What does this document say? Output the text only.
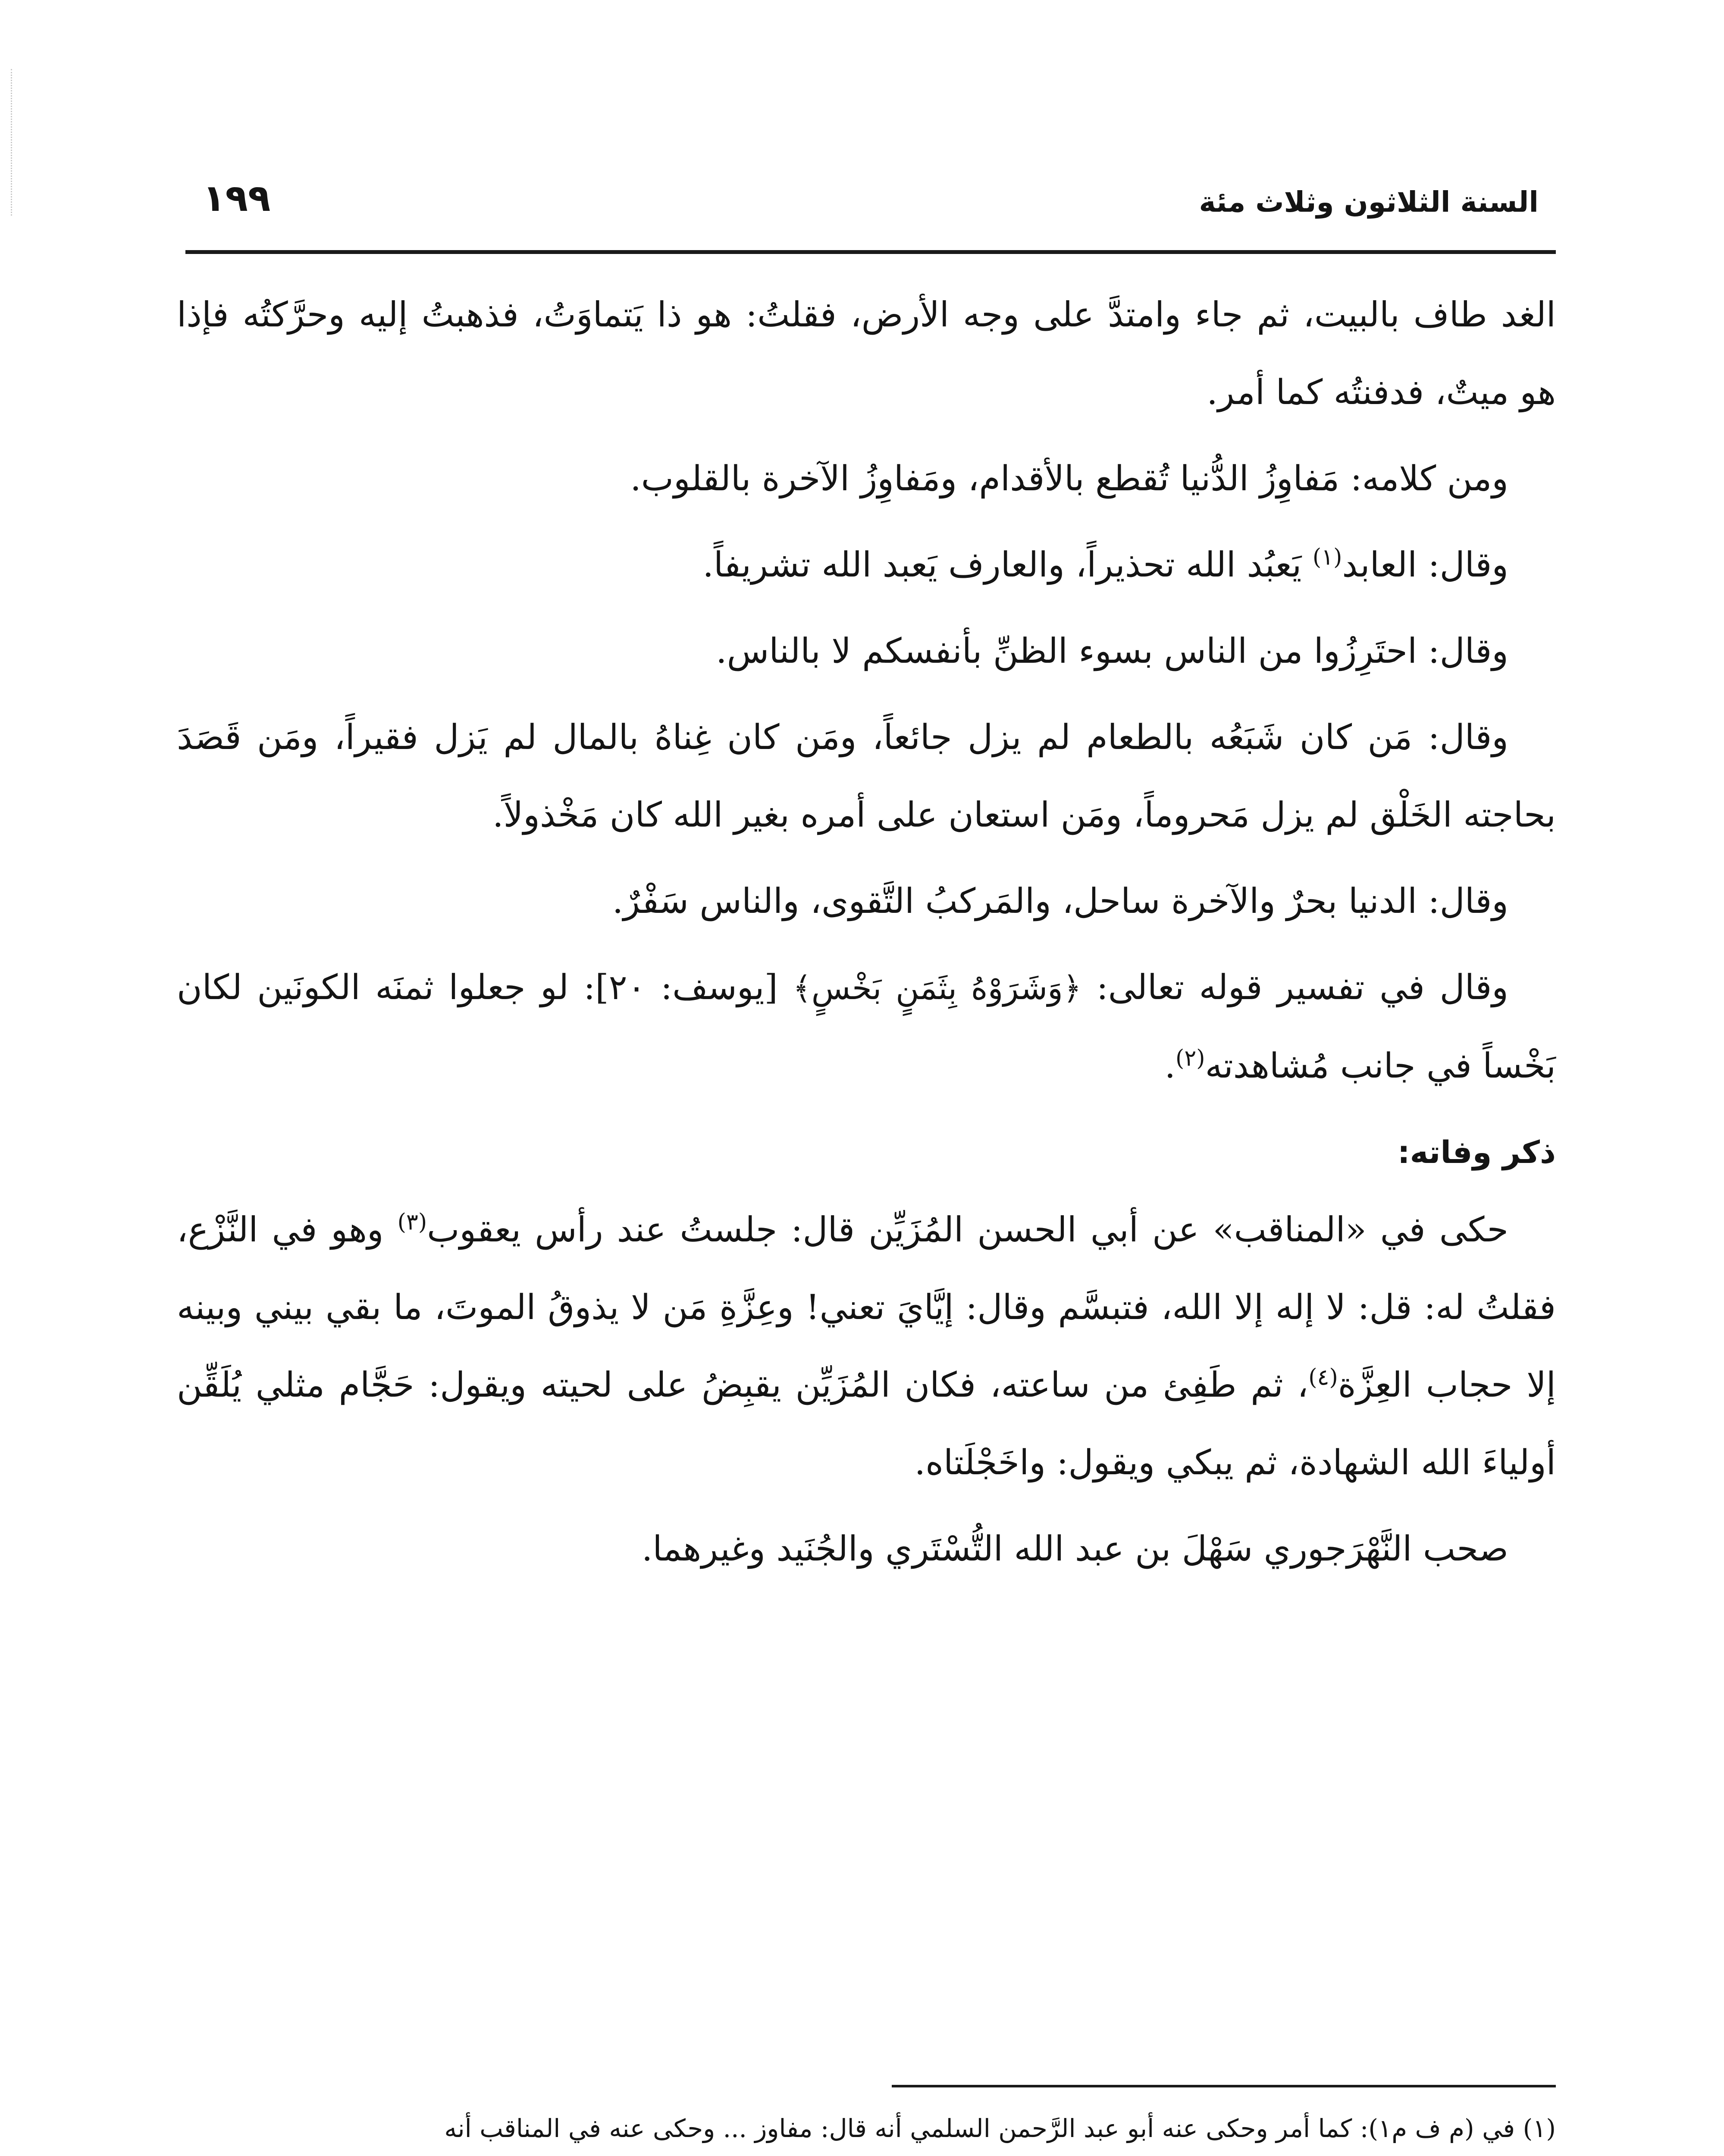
السنة الثلاثون وثلاث مئة
١٩٩

الغد طاف بالبيت، ثم جاء وامتدَّ على وجه الأرض، فقلتُ: هو ذا يَتماوَتُ، فذهبتُ إليه وحرَّكتُه فإذا هو ميتٌ، فدفنتُه كما أمر.

ومن كلامه: مَفاوِزُ الدُّنيا تُقطع بالأقدام، ومَفاوِزُ الآخرة بالقلوب.

وقال: العابد$^{(١)}$ يَعبُد الله تحذيراً، والعارف يَعبد الله تشريفاً.

وقال: احتَرِزُوا من الناس بسوء الظنِّ بأنفسكم لا بالناس.

وقال: مَن كان شَبَعُه بالطعام لم يزل جائعاً، ومَن كان غِناهُ بالمال لم يَزل فقيراً، ومَن قَصَدَ بحاجته الخَلْق لم يزل مَحروماً، ومَن استعان على أمره بغير الله كان مَخْذولاً.

وقال: الدنيا بحرٌ والآخرة ساحل، والمَركبُ التَّقوى، والناس سَفْرٌ.

وقال في تفسير قوله تعالى: ﴿وَشَرَوْهُ بِثَمَنٍ بَخْسٍ﴾ [يوسف: ٢٠]: لو جعلوا ثمنَه الكونَين لكان بَخْساً في جانب مُشاهدته$^{(٢)}$.

ذكر وفاته:

حكى في «المناقب» عن أبي الحسن المُزَيِّن قال: جلستُ عند رأس يعقوب$^{(٣)}$ وهو في النَّزْع، فقلتُ له: قل: لا إله إلا الله، فتبسَّم وقال: إيَّايَ تعني! وعِزَّةِ مَن لا يذوقُ الموتَ، ما بقي بيني وبينه إلا حجاب العِزَّة$^{(٤)}$، ثم طَفِئ من ساعته، فكان المُزَيِّن يقبِضُ على لحيته ويقول: حَجَّام مثلي يُلَقِّن أولياءَ الله الشهادة، ثم يبكي ويقول: واخَجْلَتاه.

صحب النَّهْرَجوري سَهْلَ بن عبد الله التُّسْتَري والجُنَيد وغيرهما.

(١) في (م ف م١): كما أمر وحكى عنه أبو عبد الرَّحمن السلمي أنه قال: مفاوز ... وحكى عنه في المناقب أنه
